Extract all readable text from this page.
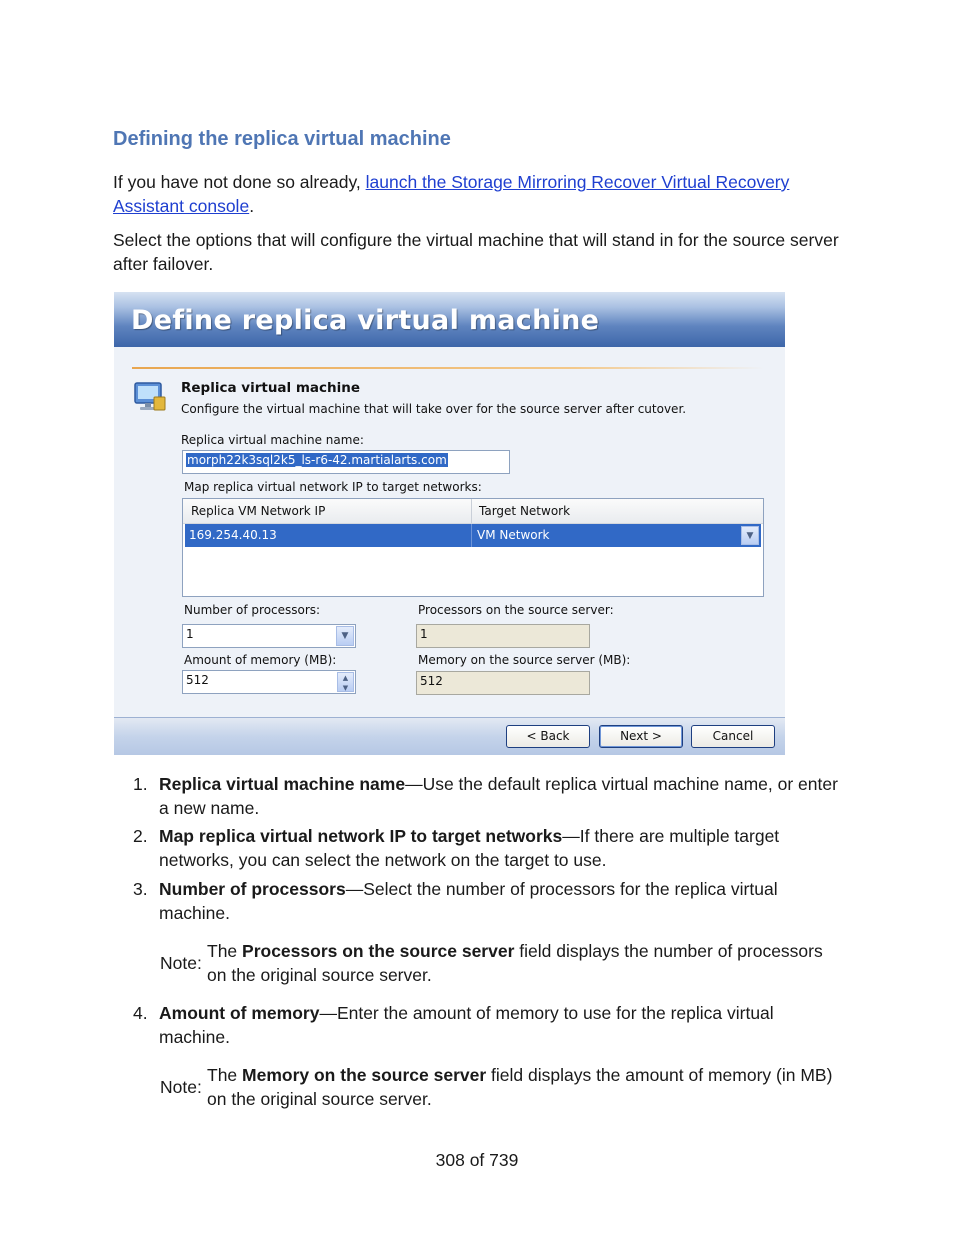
Defining the replica virtual machine

If you have not done so already, launch the Storage Mirroring Recover Virtual Recovery Assistant console.

Select the options that will configure the virtual machine that will stand in for the source server after failover.

Define replica virtual machine
Replica virtual machine
Configure the virtual machine that will take over for the source server after cutover.
Replica virtual machine name:
morph22k3sql2k5_ls-r6-42.martialarts.com
Map replica virtual network IP to target networks:
Replica VM Network IP	Target Network
169.254.40.13	VM Network	▼
Number of processors:
1	▼
Processors on the source server:
1
Amount of memory (MB):
512	▲
▼
Memory on the source server (MB):
512
< Back	Next >	Cancel
1. Replica virtual machine name—Use the default replica virtual machine name, or enter a new name.
2. Map replica virtual network IP to target networks—If there are multiple target networks, you can select the network on the target to use.
3. Number of processors—Select the number of processors for the replica virtual machine.
4. Amount of memory—Enter the amount of memory to use for the replica virtual machine.
Note:
The Processors on the source server field displays the number of processors on the original source server.
Note:
The Memory on the source server field displays the amount of memory (in MB) on the original source server.
308 of 739
